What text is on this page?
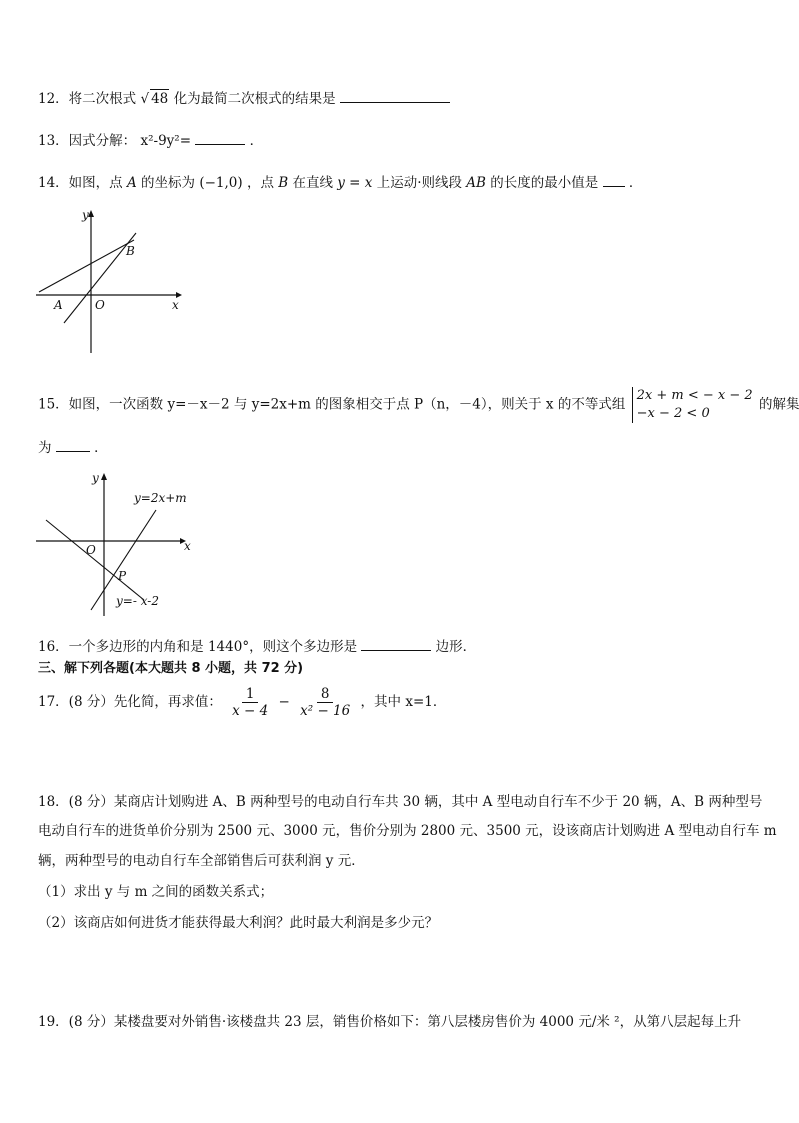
12．将二次根式 √ 48 化为最简二次根式的结果是
13．因式分解： x²-9y²=	．
14．如图，点 A 的坐标为 (−1,0) ，点 B 在直线 y = x 上运动·则线段 AB 的长度的最小值是 ．
y
x
A	O
B
15．如图，一次函数 y=－x－2 与 y=2x+m 的图象相交于点 P（n，－4），则关于 x 的不等式组
2x + m < − x − 2
−x − 2 < 0
的解集
为	．
y
x
O
P
y=2x+m
y=- x-2
16．一个多边形的内角和是 1440°，则这个多边形是	边形．
三、解下列各题(本大题共 8 小题，共 72 分)
17．(8 分）先化简，再求值： $\frac{1}{x - 4} - \frac{8}{\text{x² − 16}}$ ，其中 x=1．
18．(8 分）某商店计划购进 A、B 两种型号的电动自行车共 30 辆，其中 A 型电动自行车不少于 20 辆，A、B 两种型号
电动自行车的进货单价分别为 2500 元、3000 元，售价分别为 2800 元、3500 元，设该商店计划购进 A 型电动自行车 m
辆，两种型号的电动自行车全部销售后可获利润 y 元．
（1）求出 y 与 m 之间的函数关系式；
（2）该商店如何进货才能获得最大利润？此时最大利润是多少元？
19．(8 分）某楼盘要对外销售·该楼盘共 23 层，销售价格如下：第八层楼房售价为 4000 元/米 ²，从第八层起每上升
